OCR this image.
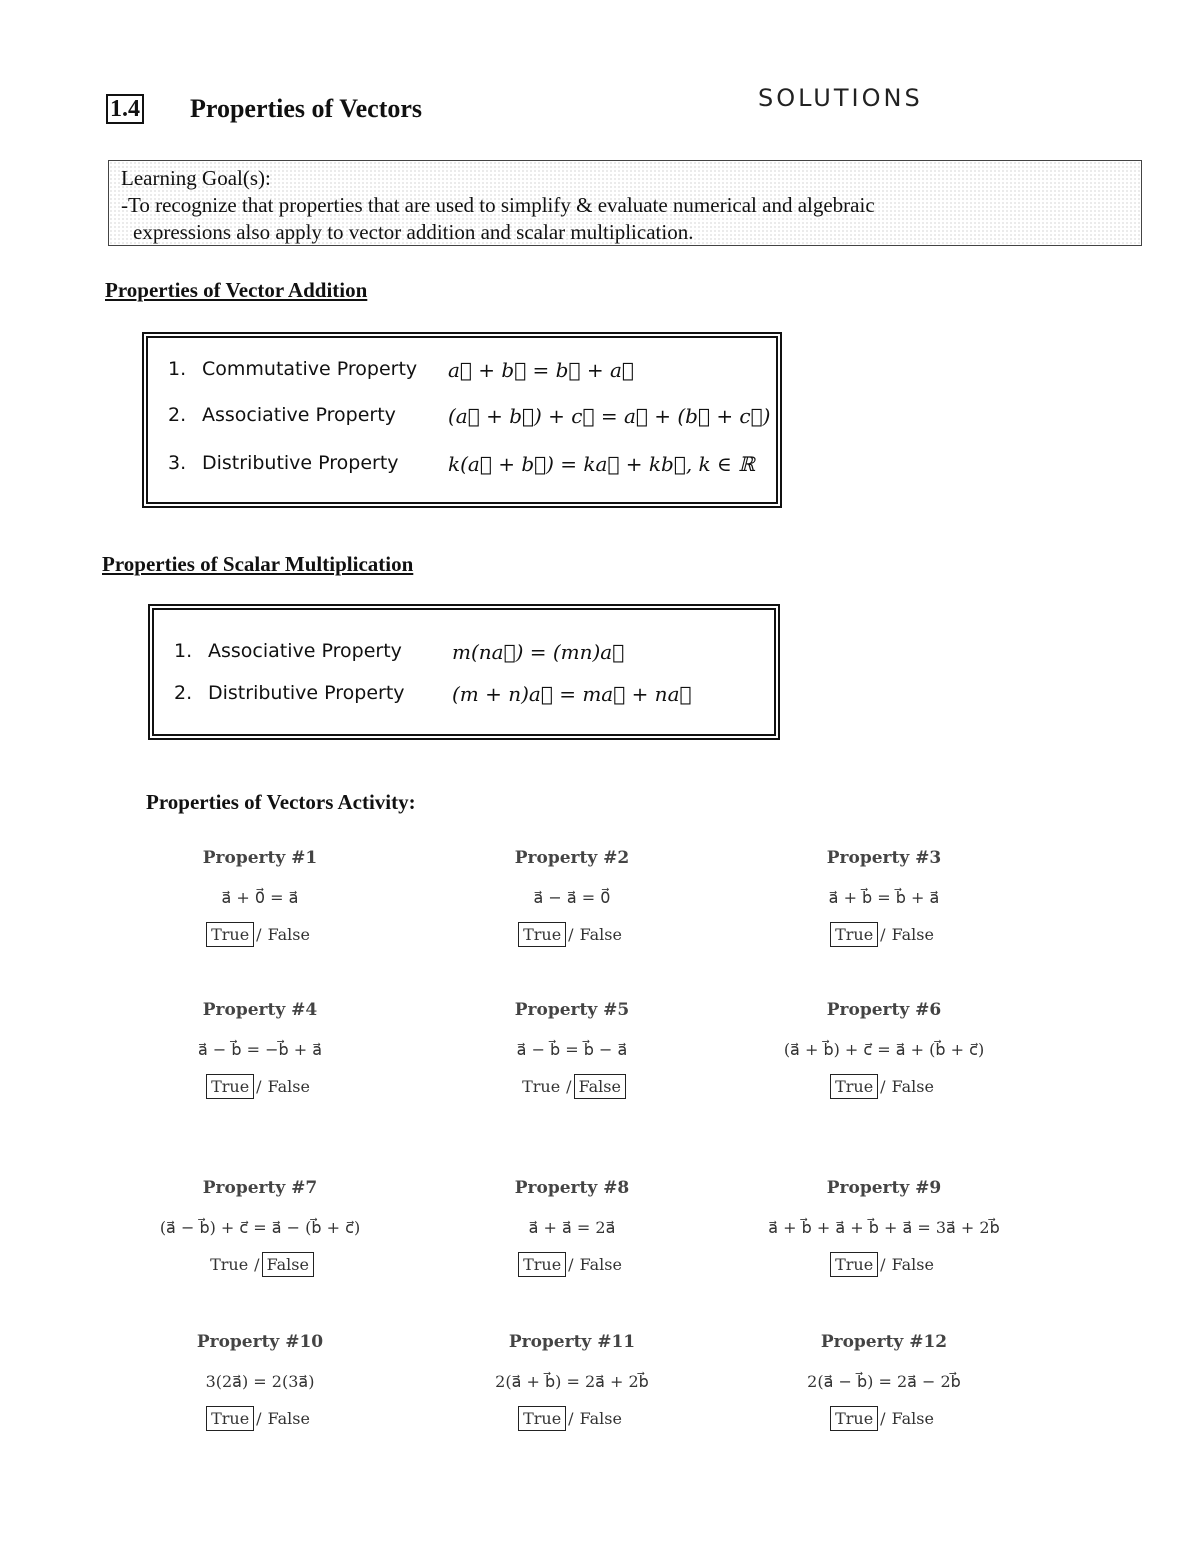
1.4 Properties of Vectors	SOLUTIONS
Learning Goal(s):
-To recognize that properties that are used to simplify & evaluate numerical and algebraic
expressions also apply to vector addition and scalar multiplication.
Properties of Vector Addition
1. Commutative Property a⃗ + b⃗ = b⃗ + a⃗
2. Associative Property	(a⃗ + b⃗) + c⃗ = a⃗ + (b⃗ + c⃗)
3. Distributive Property k(a⃗ + b⃗) = ka⃗ + kb⃗, k ∈ ℝ
Properties of Scalar Multiplication
1. Associative Property	m(na⃗) = (mn)a⃗
2. Distributive Property (m + n)a⃗ = ma⃗ + na⃗
Properties of Vectors Activity:
Property #1
a⃗ + 0⃗ = a⃗
True / False
Property #2
a⃗ − a⃗ = 0⃗
True / False
Property #3
a⃗ + b⃗ = b⃗ + a⃗
True / False
Property #4
a⃗ − b⃗ = −b⃗ + a⃗
True / False
Property #5
a⃗ − b⃗ = b⃗ − a⃗
True / False
Property #6
(a⃗ + b⃗) + c⃗ = a⃗ + (b⃗ + c⃗)
True / False
Property #7
(a⃗ − b⃗) + c⃗ = a⃗ − (b⃗ + c⃗)
True / False
Property #8
a⃗ + a⃗ = 2a⃗
True / False
Property #9
a⃗ + b⃗ + a⃗ + b⃗ + a⃗ = 3a⃗ + 2b⃗
True / False
Property #10
3(2a⃗) = 2(3a⃗)
True / False
Property #11
2(a⃗ + b⃗) = 2a⃗ + 2b⃗
True / False
Property #12
2(a⃗ − b⃗) = 2a⃗ − 2b⃗
True / False
